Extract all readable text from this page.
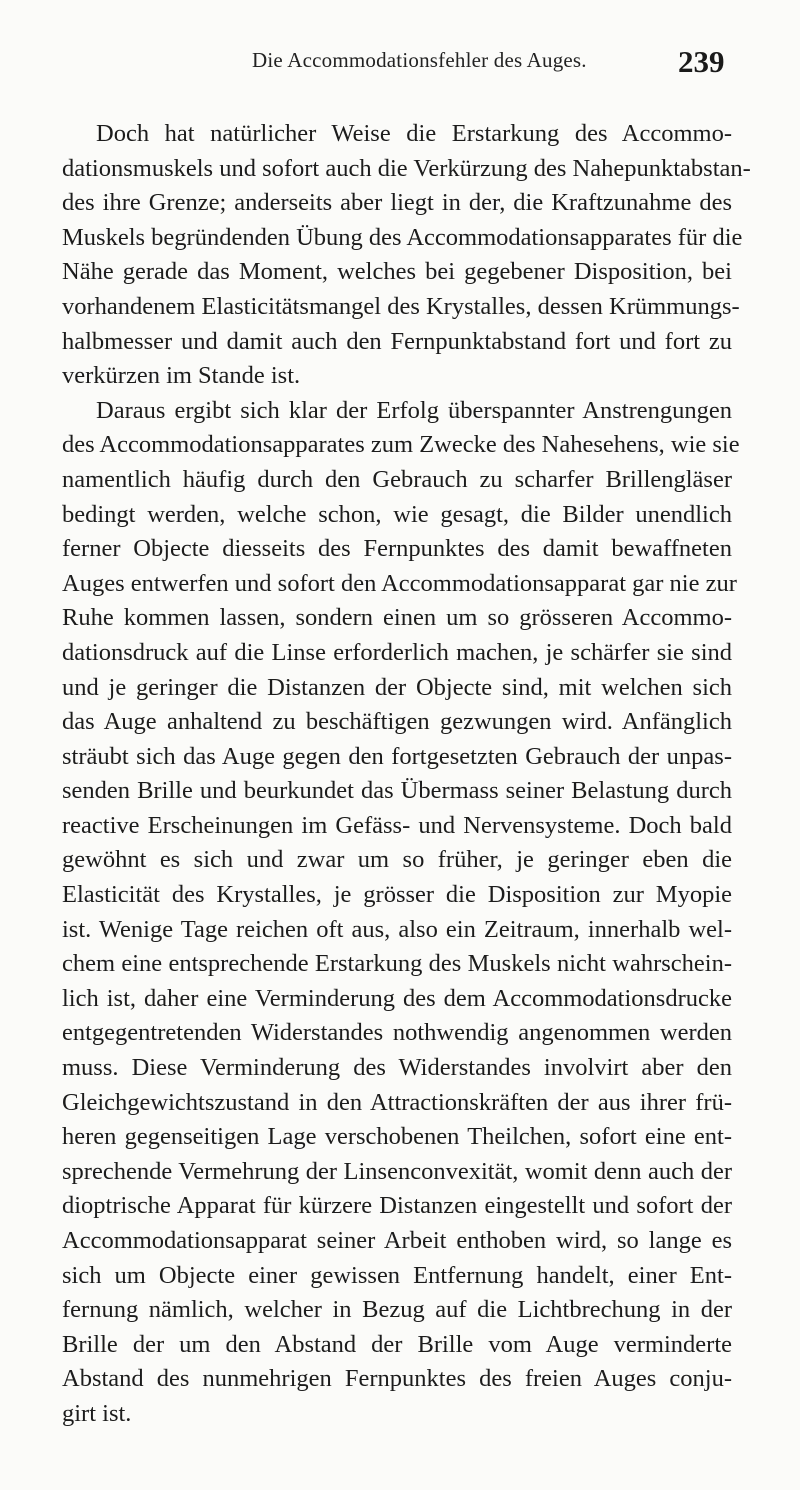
Die Accommodationsfehler des Auges.	239

Doch hat natürlicher Weise die Erstarkung des Accommo-
dationsmuskels und sofort auch die Verkürzung des Nahepunktabstan-
des ihre Grenze; anderseits aber liegt in der, die Kraftzunahme des
Muskels begründenden Übung des Accommodationsapparates für die
Nähe gerade das Moment, welches bei gegebener Disposition, bei
vorhandenem Elasticitätsmangel des Krystalles, dessen Krümmungs-
halbmesser und damit auch den Fernpunktabstand fort und fort zu
verkürzen im Stande ist.

Daraus ergibt sich klar der Erfolg überspannter Anstrengungen
des Accommodationsapparates zum Zwecke des Nahesehens, wie sie
namentlich häufig durch den Gebrauch zu scharfer Brillengläser
bedingt werden, welche schon, wie gesagt, die Bilder unendlich
ferner Objecte diesseits des Fernpunktes des damit bewaffneten
Auges entwerfen und sofort den Accommodationsapparat gar nie zur
Ruhe kommen lassen, sondern einen um so grösseren Accommo-
dationsdruck auf die Linse erforderlich machen, je schärfer sie sind
und je geringer die Distanzen der Objecte sind, mit welchen sich
das Auge anhaltend zu beschäftigen gezwungen wird. Anfänglich
sträubt sich das Auge gegen den fortgesetzten Gebrauch der unpas-
senden Brille und beurkundet das Übermass seiner Belastung durch
reactive Erscheinungen im Gefäss- und Nervensysteme. Doch bald
gewöhnt es sich und zwar um so früher, je geringer eben die
Elasticität des Krystalles, je grösser die Disposition zur Myopie
ist. Wenige Tage reichen oft aus, also ein Zeitraum, innerhalb wel-
chem eine entsprechende Erstarkung des Muskels nicht wahrschein-
lich ist, daher eine Verminderung des dem Accommodationsdrucke
entgegentretenden Widerstandes nothwendig angenommen werden
muss. Diese Verminderung des Widerstandes involvirt aber den
Gleichgewichtszustand in den Attractionskräften der aus ihrer frü-
heren gegenseitigen Lage verschobenen Theilchen, sofort eine ent-
sprechende Vermehrung der Linsenconvexität, womit denn auch der
dioptrische Apparat für kürzere Distanzen eingestellt und sofort der
Accommodationsapparat seiner Arbeit enthoben wird, so lange es
sich um Objecte einer gewissen Entfernung handelt, einer Ent-
fernung nämlich, welcher in Bezug auf die Lichtbrechung in der
Brille der um den Abstand der Brille vom Auge verminderte
Abstand des nunmehrigen Fernpunktes des freien Auges conju-
girt ist.
